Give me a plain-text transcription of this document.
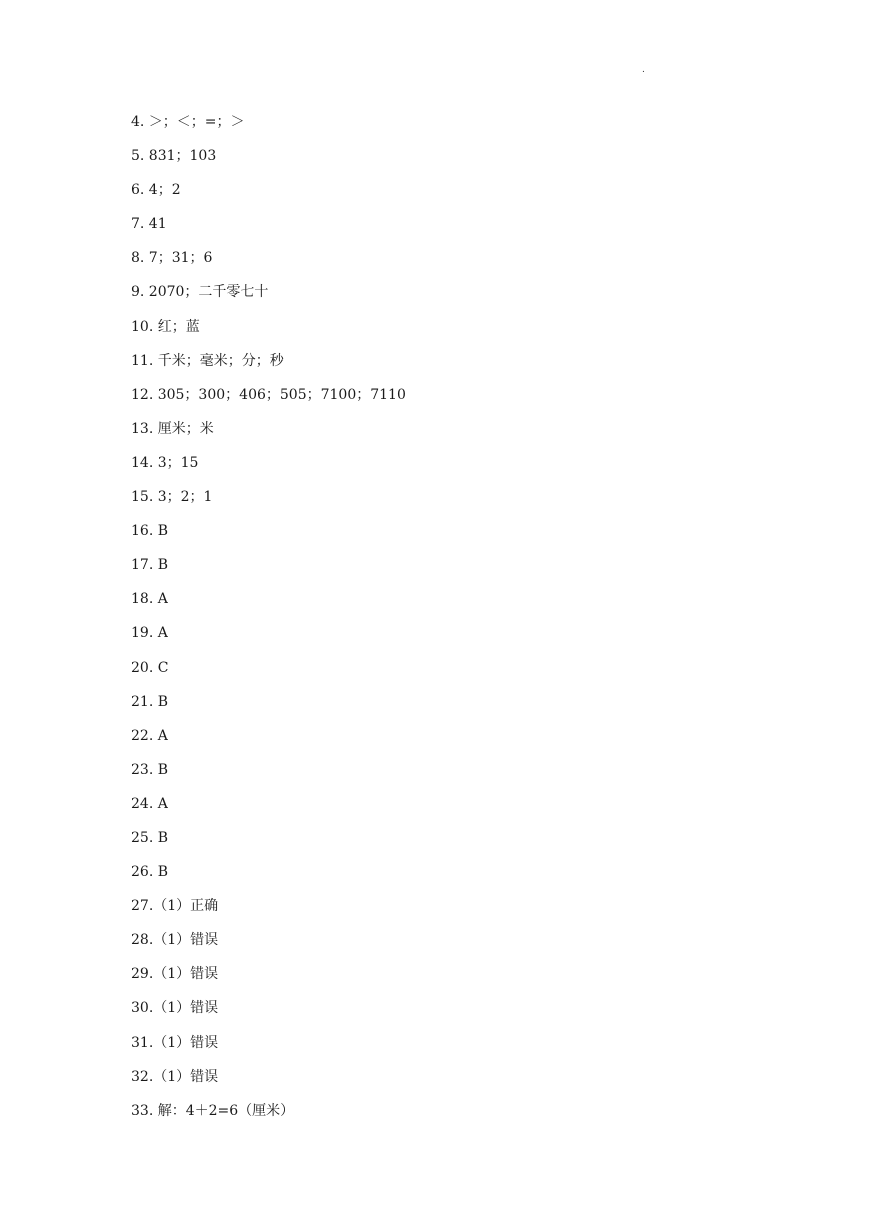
.
4. ＞；＜；=；＞
5. 831；103
6. 4；2
7. 41
8. 7；31；6
9. 2070；二千零七十
10. 红；蓝
11. 千米；毫米；分；秒
12. 305；300；406；505；7100；7110
13. 厘米；米
14. 3；15
15. 3；2；1
16. B
17. B
18. A
19. A
20. C
21. B
22. A
23. B
24. A
25. B
26. B
27.（1）正确
28.（1）错误
29.（1）错误
30.（1）错误
31.（1）错误
32.（1）错误
33. 解：4＋2=6（厘米）
